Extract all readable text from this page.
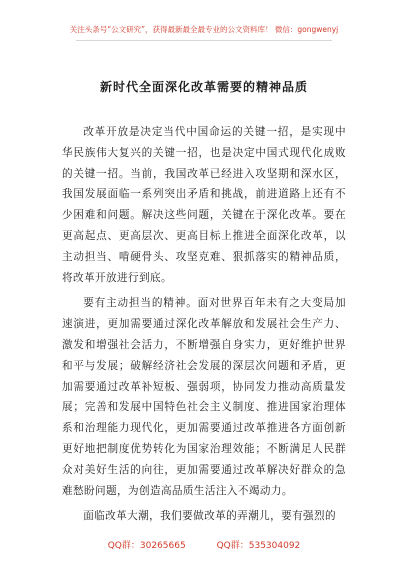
关注头条号“公文研究”，获得最新最全最专业的公文资料库！ 微信：gongwenyj
新时代全面深化改革需要的精神品质

改革开放是决定当代中国命运的关键一招，是实现中华民族伟大复兴的关键一招，也是决定中国式现代化成败的关键一招。当前，我国改革已经进入攻坚期和深水区，我国发展面临一系列突出矛盾和挑战，前进道路上还有不少困难和问题。解决这些问题，关键在于深化改革。要在更高起点、更高层次、更高目标上推进全面深化改革，以主动担当、啃硬骨头、攻坚克难、狠抓落实的精神品质，将改革开放进行到底。

要有主动担当的精神。面对世界百年未有之大变局加速演进，更加需要通过深化改革解放和发展社会生产力、激发和增强社会活力，不断增强自身实力，更好维护世界和平与发展；破解经济社会发展的深层次问题和矛盾，更加需要通过改革补短板、强弱项，协同发力推动高质量发展；完善和发展中国特色社会主义制度、推进国家治理体系和治理能力现代化，更加需要通过改革推进各方面创新更好地把制度优势转化为国家治理效能；不断满足人民群众对美好生活的向往，更加需要通过改革解决好群众的急难愁盼问题，为创造高品质生活注入不竭动力。

面临改革大潮，我们要做改革的弄潮儿，要有强烈的

QQ群：30265665	QQ群：535304092
